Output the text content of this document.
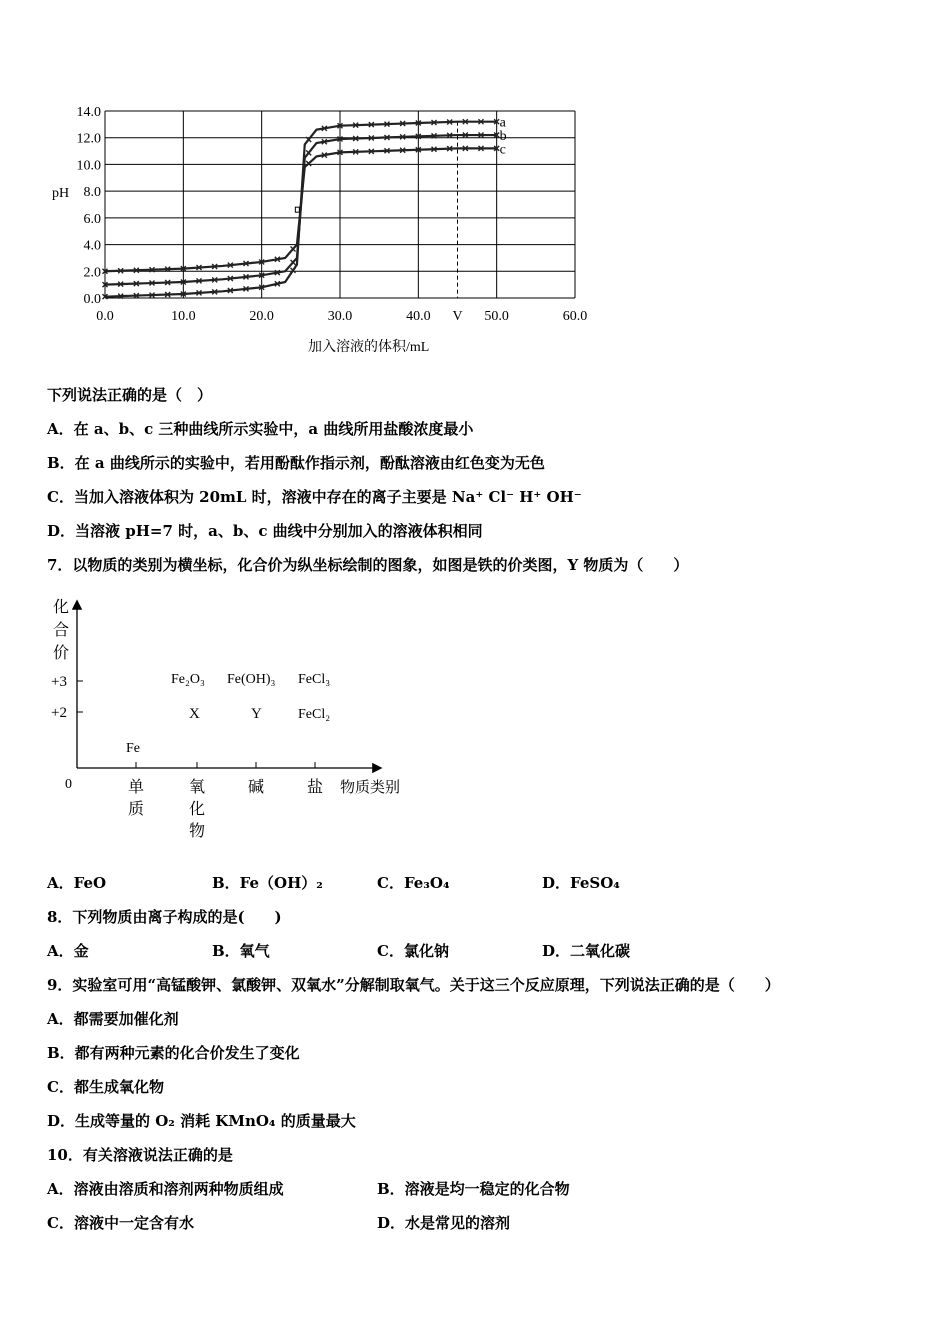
0.0
2.0
4.0
6.0
8.0
10.0
12.0
14.0
0.0	10.0	20.0	30.0	40.0 V 50.0	60.0
a
b
c
pH
加入溶液的体积/mL
下列说法正确的是（　）
A．在 a、b、c 三种曲线所示实验中，a 曲线所用盐酸浓度最小
B．在 a 曲线所示的实验中，若用酚酞作指示剂，酚酞溶液由红色变为无色
C．当加入溶液体积为 20mL 时，溶液中存在的离子主要是 Na⁺ Cl⁻ H⁺ OH⁻
D．当溶液 pH=7 时，a、b、c 曲线中分别加入的溶液体积相同
7．以物质的类别为横坐标，化合价为纵坐标绘制的图象，如图是铁的价类图，Y 物质为（　　）
化
合
价
+3
+2
0
Fe₂O₃ Fe(OH)₃ FeCl₃
X	Y	FeCl₂
Fe
单
质
氧
化
物
碱	盐 物质类别
A．FeO	B．Fe（OH）₂	C．Fe₃O₄	D．FeSO₄
8．下列物质由离子构成的是(　　)
A．金	B．氧气	C．氯化钠	D．二氧化碳
9．实验室可用“高锰酸钾、氯酸钾、双氧水”分解制取氧气。关于这三个反应原理，下列说法正确的是（　　）
A．都需要加催化剂
B．都有两种元素的化合价发生了变化
C．都生成氧化物
D．生成等量的 O₂ 消耗 KMnO₄ 的质量最大
10．有关溶液说法正确的是
A．溶液由溶质和溶剂两种物质组成	B．溶液是均一稳定的化合物
C．溶液中一定含有水	D．水是常见的溶剂
